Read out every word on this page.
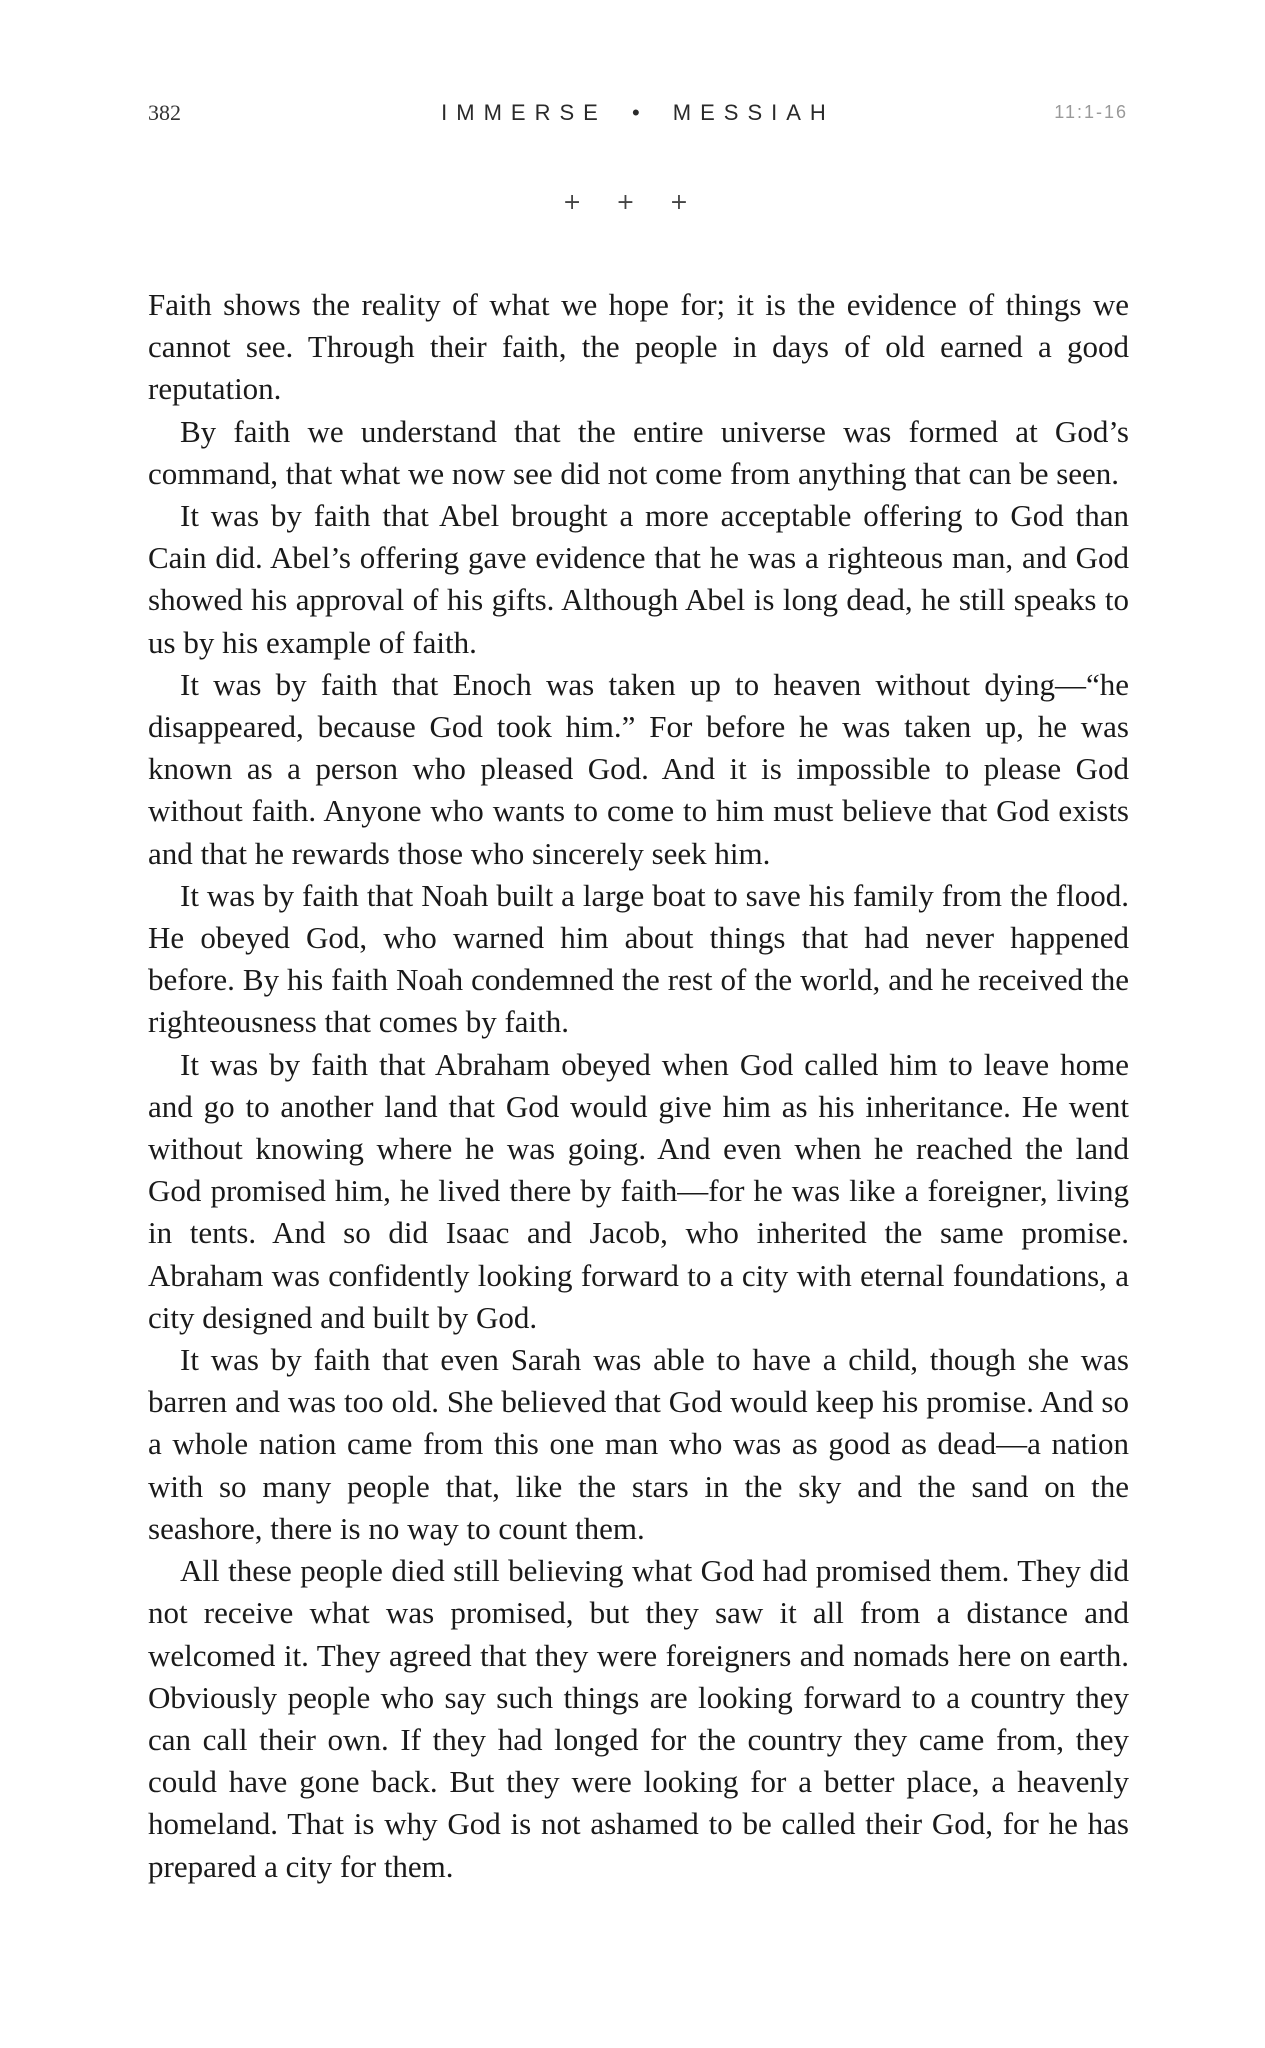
382	IMMERSE • MESSIAH	11:1-16
+ + +

Faith shows the reality of what we hope for; it is the evidence of things we cannot see. Through their faith, the people in days of old earned a good reputation.

By faith we understand that the entire universe was formed at God’s command, that what we now see did not come from anything that can be seen.

It was by faith that Abel brought a more acceptable offering to God than Cain did. Abel’s offering gave evidence that he was a righteous man, and God showed his approval of his gifts. Although Abel is long dead, he still speaks to us by his example of faith.

It was by faith that Enoch was taken up to heaven without dying—“he disappeared, because God took him.” For before he was taken up, he was known as a person who pleased God. And it is impossible to please God without faith. Anyone who wants to come to him must believe that God exists and that he rewards those who sincerely seek him.

It was by faith that Noah built a large boat to save his family from the flood. He obeyed God, who warned him about things that had never happened before. By his faith Noah condemned the rest of the world, and he received the righteousness that comes by faith.

It was by faith that Abraham obeyed when God called him to leave home and go to another land that God would give him as his inheritance. He went without knowing where he was going. And even when he reached the land God promised him, he lived there by faith—for he was like a foreigner, living in tents. And so did Isaac and Jacob, who inherited the same promise. Abraham was confidently looking forward to a city with eternal foundations, a city designed and built by God.

It was by faith that even Sarah was able to have a child, though she was barren and was too old. She believed that God would keep his promise. And so a whole nation came from this one man who was as good as dead—a nation with so many people that, like the stars in the sky and the sand on the seashore, there is no way to count them.

All these people died still believing what God had promised them. They did not receive what was promised, but they saw it all from a distance and welcomed it. They agreed that they were foreigners and nomads here on earth. Obviously people who say such things are looking forward to a country they can call their own. If they had longed for the country they came from, they could have gone back. But they were looking for a better place, a heavenly homeland. That is why God is not ashamed to be called their God, for he has prepared a city for them.
